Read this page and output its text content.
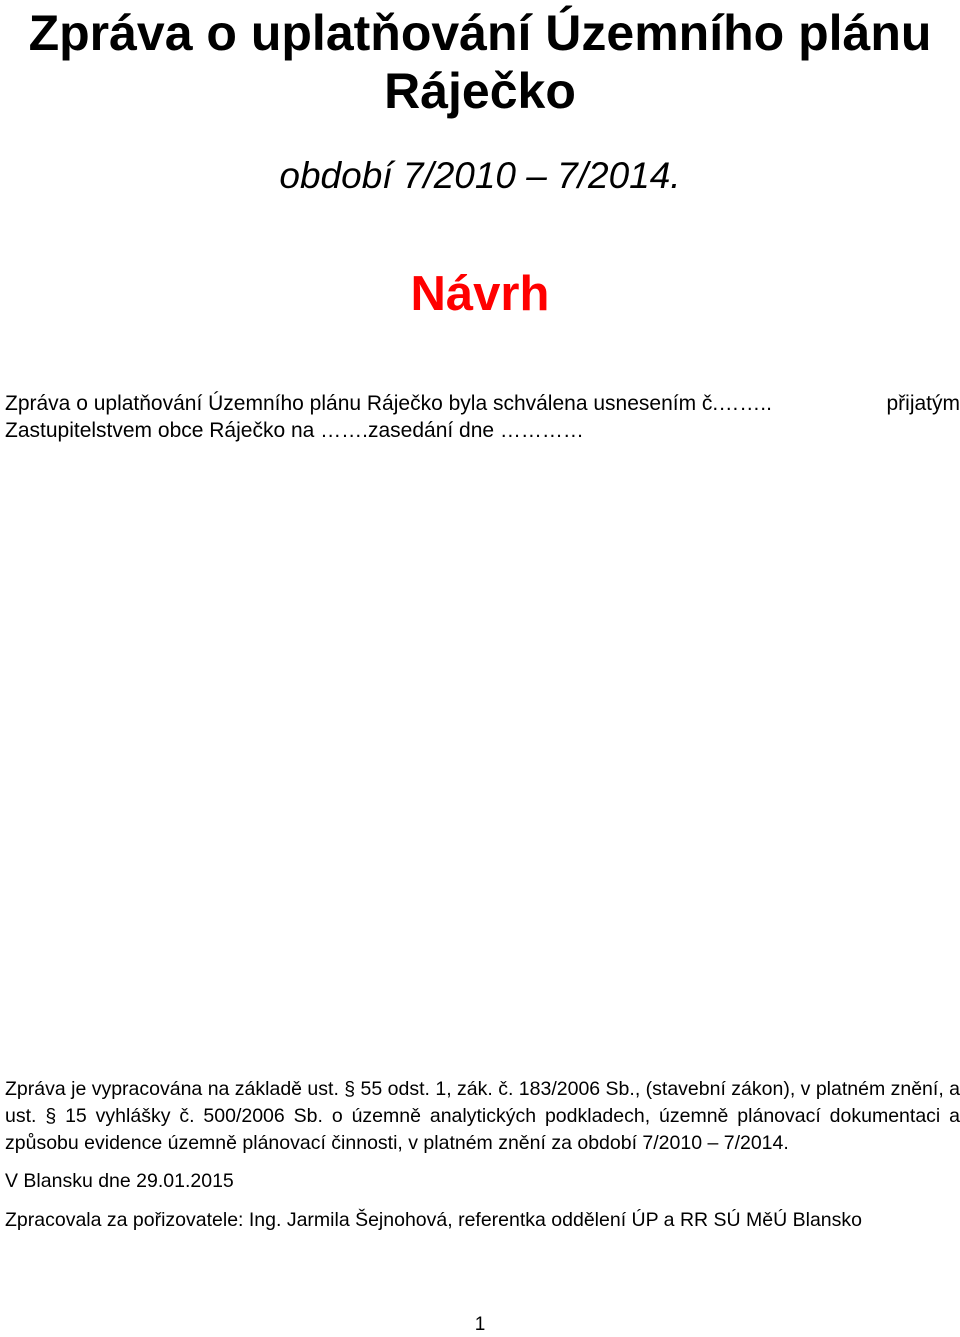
Zpráva o uplatňování Územního plánu
Ráječko

období 7/2010 – 7/2014.

Návrh

Zpráva o uplatňování Územního plánu Ráječko byla schválena usnesením č.……..	přijatým
Zastupitelstvem obce Ráječko na …….zasedání dne …………

Zpráva je vypracována na základě ust. § 55 odst. 1, zák. č. 183/2006 Sb., (stavební zákon), v platném znění, a ust. § 15 vyhlášky č. 500/2006 Sb. o územně analytických podkladech, územně plánovací dokumentaci a způsobu evidence územně plánovací činnosti, v platném znění za období 7/2010 – 7/2014.

V Blansku dne 29.01.2015

Zpracovala za pořizovatele: Ing. Jarmila Šejnohová, referentka oddělení ÚP a RR SÚ MěÚ Blansko

1
